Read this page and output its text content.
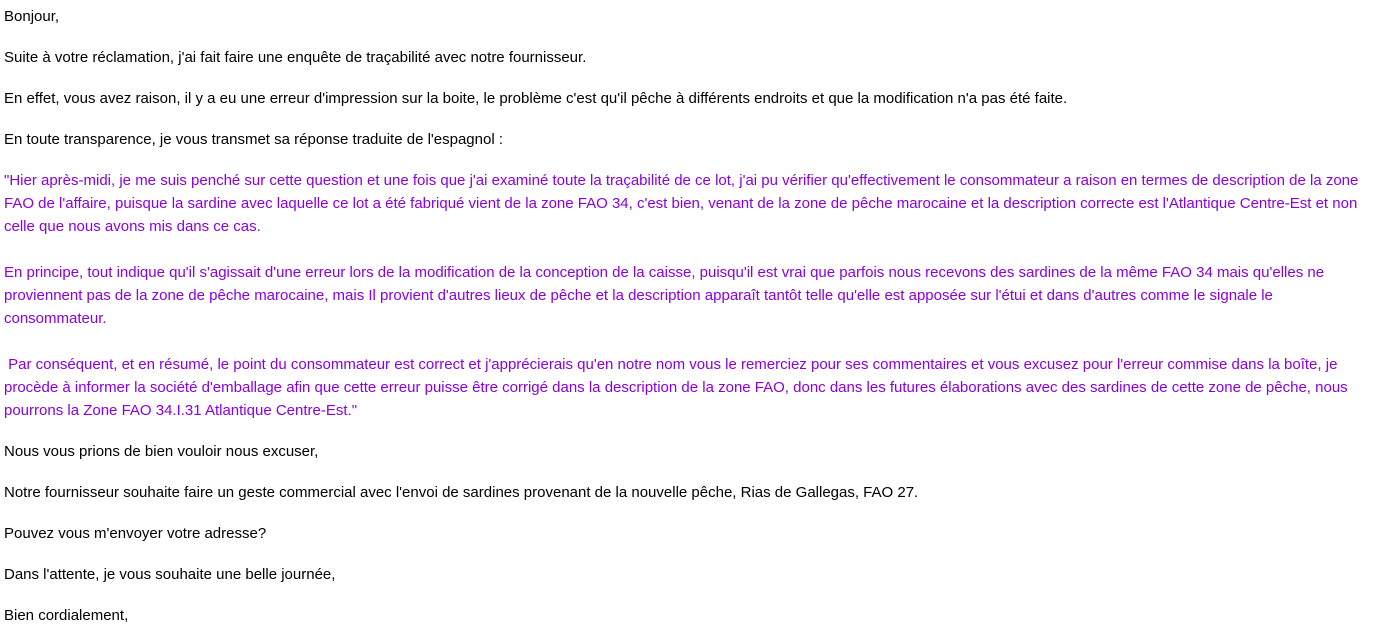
Bonjour,

Suite à votre réclamation, j'ai fait faire une enquête de traçabilité avec notre fournisseur.

En effet, vous avez raison, il y a eu une erreur d'impression sur la boite, le problème c'est qu'il pêche à différents endroits et que la modification n'a pas été faite.

En toute transparence, je vous transmet sa réponse traduite de l'espagnol :

"Hier après-midi, je me suis penché sur cette question et une fois que j'ai examiné toute la traçabilité de ce lot, j'ai pu vérifier qu'effectivement le consommateur a raison en termes de description de la zone FAO de l'affaire, puisque la sardine avec laquelle ce lot a été fabriqué vient de la zone FAO 34, c'est bien, venant de la zone de pêche marocaine et la description correcte est l'Atlantique Centre-Est et non celle que nous avons mis dans ce cas.

En principe, tout indique qu'il s'agissait d'une erreur lors de la modification de la conception de la caisse, puisqu'il est vrai que parfois nous recevons des sardines de la même FAO 34 mais qu'elles ne proviennent pas de la zone de pêche marocaine, mais Il provient d'autres lieux de pêche et la description apparaît tantôt telle qu'elle est apposée sur l'étui et dans d'autres comme le signale le consommateur.

Par conséquent, et en résumé, le point du consommateur est correct et j'apprécierais qu'en notre nom vous le remerciez pour ses commentaires et vous excusez pour l'erreur commise dans la boîte, je procède à informer la société d'emballage afin que cette erreur puisse être corrigé dans la description de la zone FAO, donc dans les futures élaborations avec des sardines de cette zone de pêche, nous pourrons la Zone FAO 34.I.31 Atlantique Centre-Est."

Nous vous prions de bien vouloir nous excuser,

Notre fournisseur souhaite faire un geste commercial avec l'envoi de sardines provenant de la nouvelle pêche, Rias de Gallegas, FAO 27.

Pouvez vous m'envoyer votre adresse?

Dans l'attente, je vous souhaite une belle journée,

Bien cordialement,
